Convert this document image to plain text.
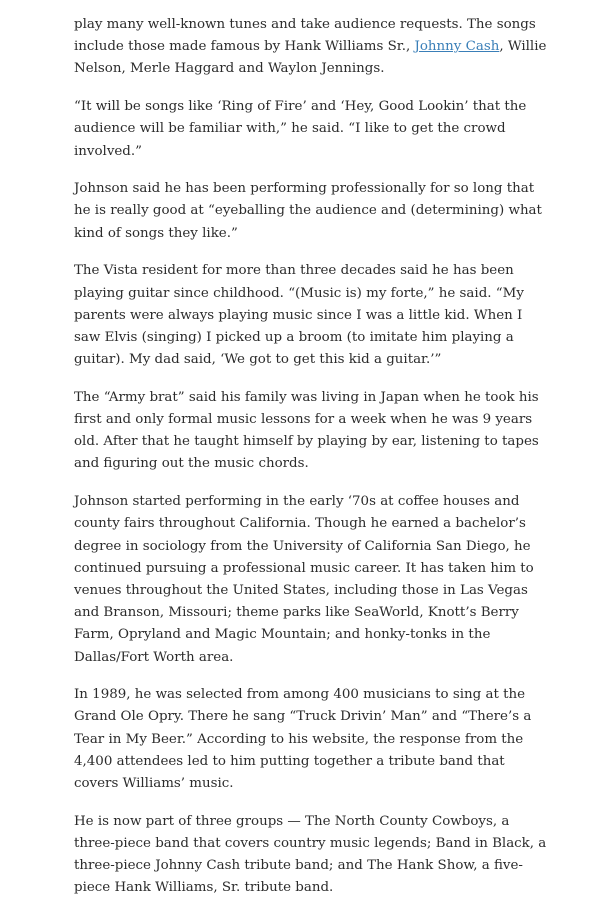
play many well-known tunes and take audience requests. The songs include those made famous by Hank Williams Sr., Johnny Cash, Willie Nelson, Merle Haggard and Waylon Jennings.

“It will be songs like ‘Ring of Fire’ and ‘Hey, Good Lookin’ that the audience will be familiar with,” he said. “I like to get the crowd involved.”

Johnson said he has been performing professionally for so long that he is really good at “eyeballing the audience and (determining) what kind of songs they like.”

The Vista resident for more than three decades said he has been playing guitar since childhood. “(Music is) my forte,” he said. “My parents were always playing music since I was a little kid. When I saw Elvis (singing) I picked up a broom (to imitate him playing a guitar). My dad said, ‘We got to get this kid a guitar.’”

The “Army brat” said his family was living in Japan when he took his first and only formal music lessons for a week when he was 9 years old. After that he taught himself by playing by ear, listening to tapes and figuring out the music chords.

Johnson started performing in the early ‘70s at coffee houses and county fairs throughout California. Though he earned a bachelor’s degree in sociology from the University of California San Diego, he continued pursuing a professional music career. It has taken him to venues throughout the United States, including those in Las Vegas and Branson, Missouri; theme parks like SeaWorld, Knott’s Berry Farm, Opryland and Magic Mountain; and honky-tonks in the Dallas/Fort Worth area.

In 1989, he was selected from among 400 musicians to sing at the Grand Ole Opry. There he sang “Truck Drivin’ Man” and “There’s a Tear in My Beer.” According to his website, the response from the 4,400 attendees led to him putting together a tribute band that covers Williams’ music.

He is now part of three groups — The North County Cowboys, a three-piece band that covers country music legends; Band in Black, a three-piece Johnny Cash tribute band; and The Hank Show, a five-piece Hank Williams, Sr. tribute band.
